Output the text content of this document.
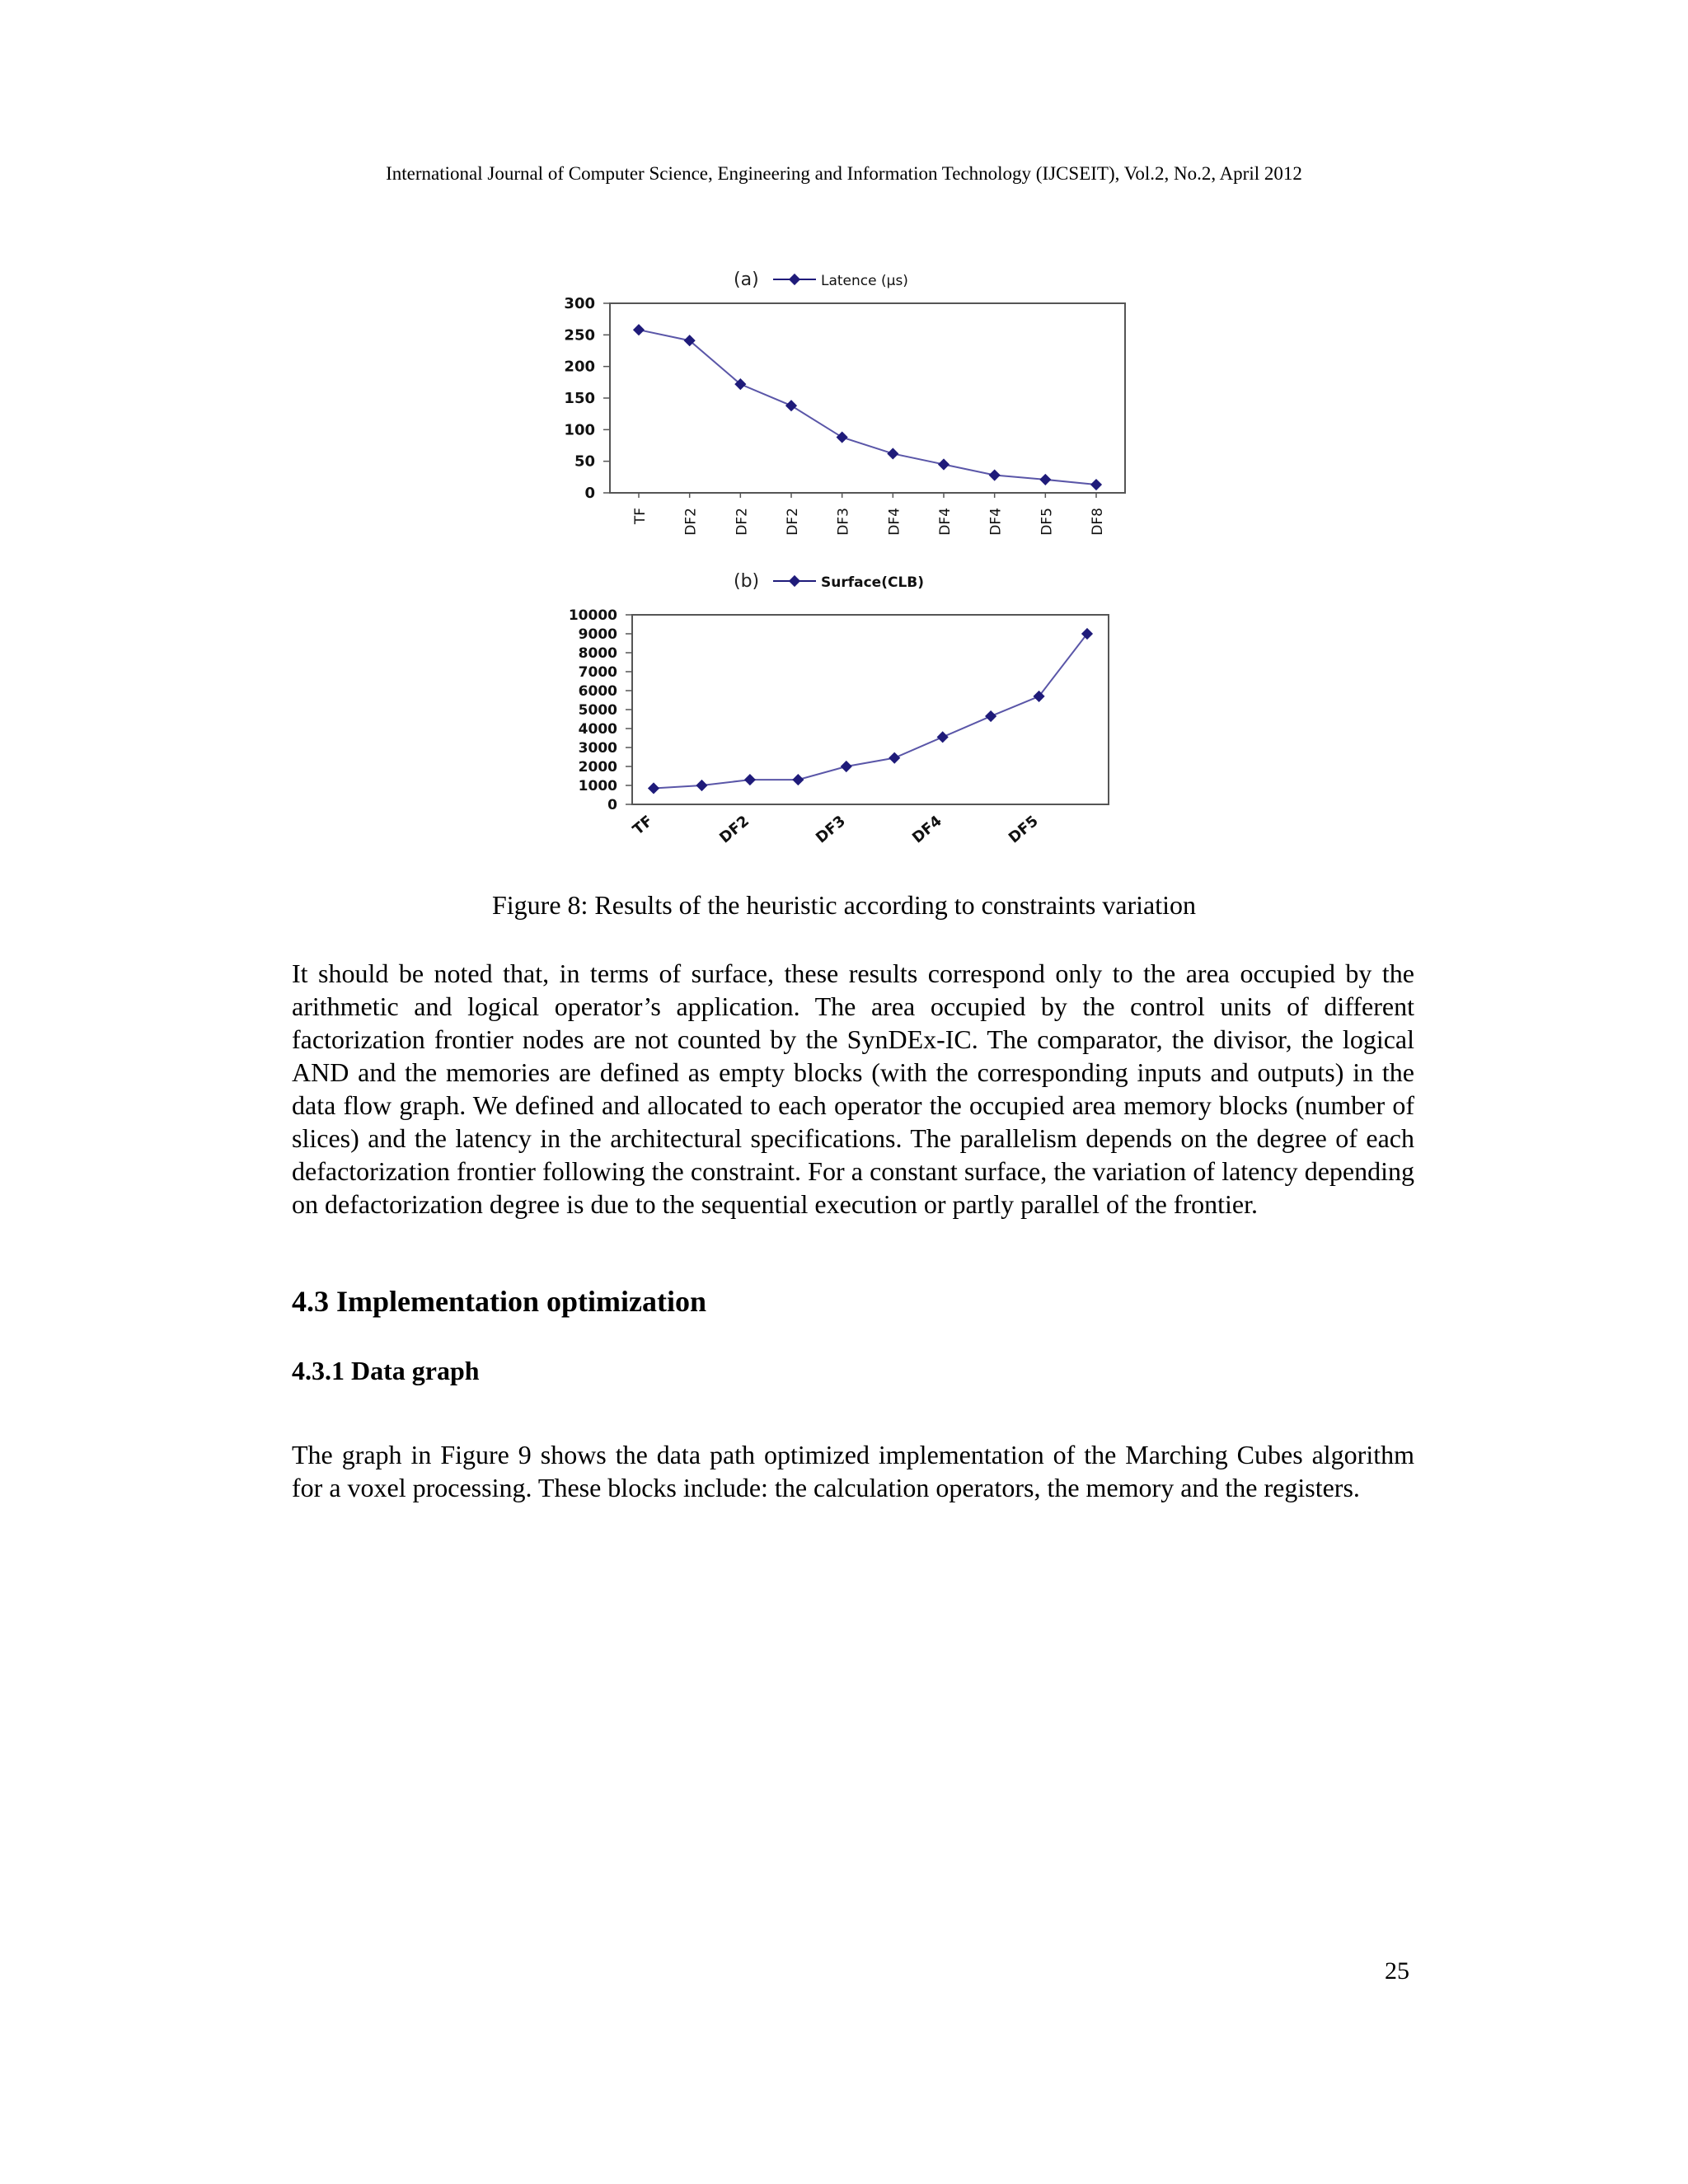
International Journal of Computer Science, Engineering and Information Technology (IJCSEIT), Vol.2, No.2, April 2012
(a)	Latence (µs)
0
50
100
150
200
250
300
TF DF2 DF2 DF2 DF3 DF4 DF4 DF4 DF5 DF8
(b)	Surface(CLB)
0
1000
2000
3000
4000
5000
6000
7000
8000
9000
10000
TF	DF2	DF3	DF4	DF5
Figure 8: Results of the heuristic according to constraints variation
It should be noted that, in terms of surface, these results correspond only to the area occupied by the arithmetic and logical operator’s application. The area occupied by the control units of different factorization frontier nodes are not counted by the SynDEx-IC. The comparator, the divisor, the logical AND and the memories are defined as empty blocks (with the corresponding inputs and outputs) in the data flow graph. We defined and allocated to each operator the occupied area memory blocks (number of slices) and the latency in the architectural specifications. The parallelism depends on the degree of each defactorization frontier following the constraint. For a constant surface, the variation of latency depending on defactorization degree is due to the sequential execution or partly parallel of the frontier.
4.3 Implementation optimization
4.3.1 Data graph
The graph in Figure 9 shows the data path optimized implementation of the Marching Cubes algorithm for a voxel processing. These blocks include: the calculation operators, the memory and the registers.
25
